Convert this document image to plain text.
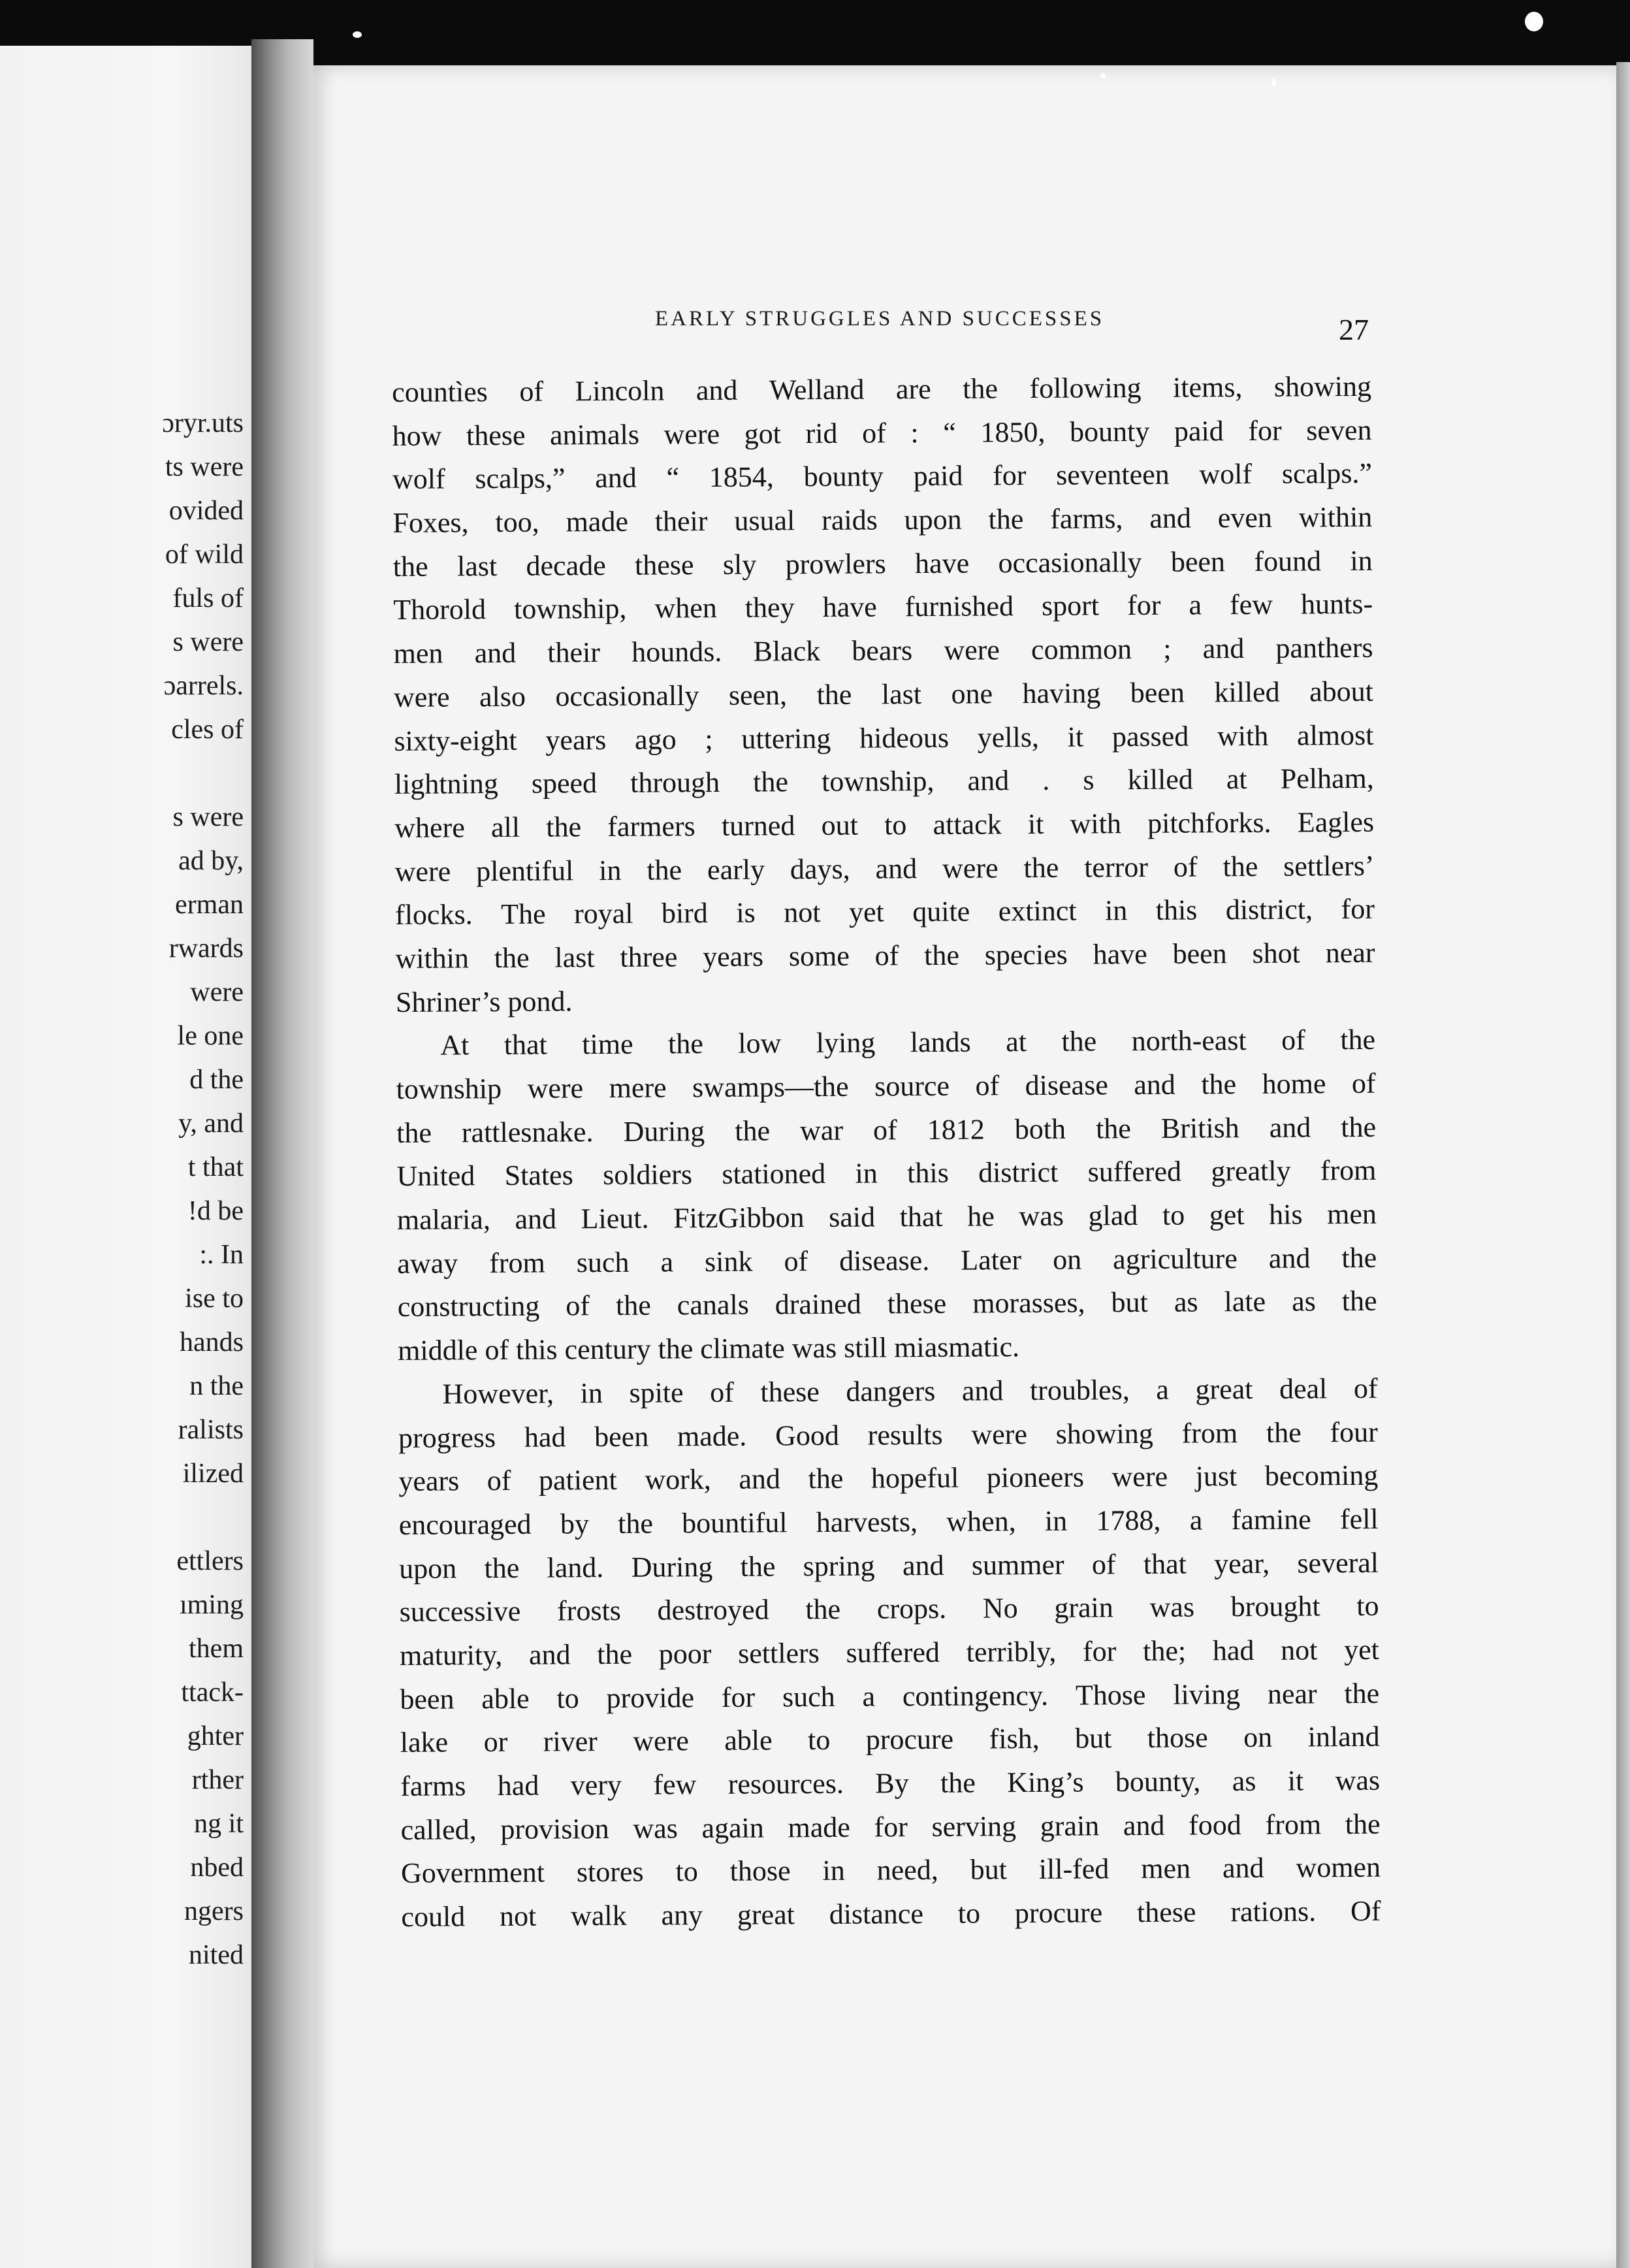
ɔryr.uts
ts were
ovided
of wild
fuls of
s were
ɔarrels.
cles of
s were
ad by,
erman
rwards
were
le one
d the
y, and
t that
!d be
:. In
ise to
hands
n the
ralists
ilized
ettlers
ıming
them
ttack-
ghter
rther
ng it
nbed
ngers
nited
EARLY STRUGGLES AND SUCCESSES	27
countìes of Lincoln and Welland are the following items, showing
how these animals were got rid of : “ 1850, bounty paid for seven
wolf scalps,” and “ 1854, bounty paid for seventeen wolf scalps.”
Foxes, too, made their usual raids upon the farms, and even within
the last decade these sly prowlers have occasionally been found in
Thorold township, when they have furnished sport for a few hunts-
men and their hounds. Black bears were common ; and panthers
were also occasionally seen, the last one having been killed about
sixty-eight years ago ; uttering hideous yells, it passed with almost
lightning speed through the township, and . s killed at Pelham,
where all the farmers turned out to attack it with pitchforks. Eagles
were plentiful in the early days, and were the terror of the settlers’
flocks. The royal bird is not yet quite extinct in this district, for
within the last three years some of the species have been shot near
Shriner’s pond.
At that time the low lying lands at the north-east of the
township were mere swamps—the source of disease and the home of
the rattlesnake. During the war of 1812 both the British and the
United States soldiers stationed in this district suffered greatly from
malaria, and Lieut. FitzGibbon said that he was glad to get his men
away from such a sink of disease. Later on agriculture and the
constructing of the canals drained these morasses, but as late as the
middle of this century the climate was still miasmatic.
However, in spite of these dangers and troubles, a great deal of
progress had been made. Good results were showing from the four
years of patient work, and the hopeful pioneers were just becoming
encouraged by the bountiful harvests, when, in 1788, a famine fell
upon the land. During the spring and summer of that year, several
successive frosts destroyed the crops. No grain was brought to
maturity, and the poor settlers suffered terribly, for the; had not yet
been able to provide for such a contingency. Those living near the
lake or river were able to procure fish, but those on inland
farms had very few resources. By the King’s bounty, as it was
called, provision was again made for serving grain and food from the
Government stores to those in need, but ill-fed men and women
could not walk any great distance to procure these rations. Of
